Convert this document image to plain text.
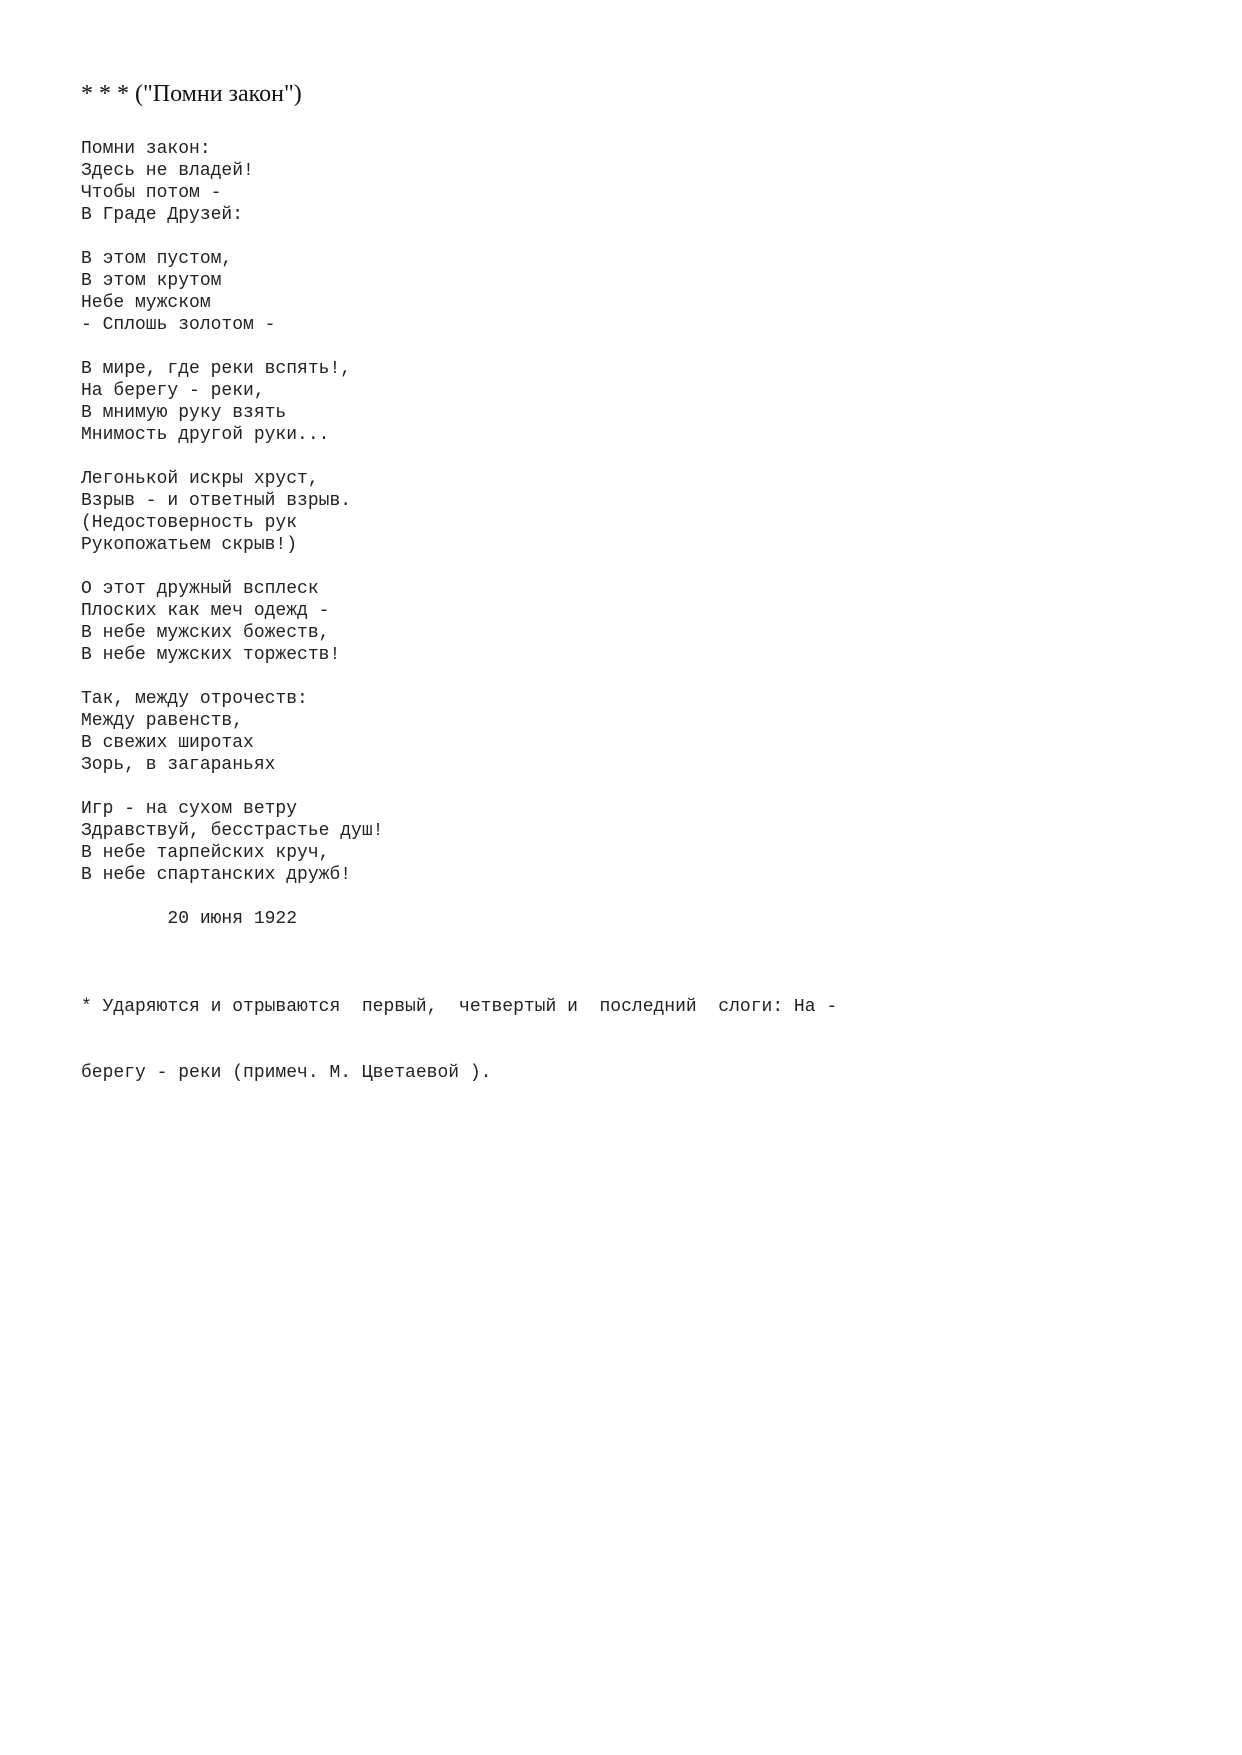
* * * ("Помни закон")
Помни закон:
Здесь не владей!
Чтобы потом -
В Граде Друзей:
В этом пустом,
В этом крутом
Небе мужском
- Сплошь золотом -
В мире, где реки вспять!,
На берегу - реки,
В мнимую руку взять
Мнимость другой руки...
Легонькой искры хруст,
Взрыв - и ответный взрыв.
(Недостоверность рук
Рукопожатьем скрыв!)
О этот дружный всплеск
Плоских как меч одежд -
В небе мужских божеств,
В небе мужских торжеств!
Так, между отрочеств:
Между равенств,
В свежих широтах
Зорь, в загараньях
Игр - на сухом ветру
Здравствуй, бесстрастье душ!
В небе тарпейских круч,
В небе спартанских дружб!
20 июня 1922

* Ударяются и отрываются  первый,  четвертый и  последний  слоги: На -

берегу - реки (примеч. М. Цветаевой ).
